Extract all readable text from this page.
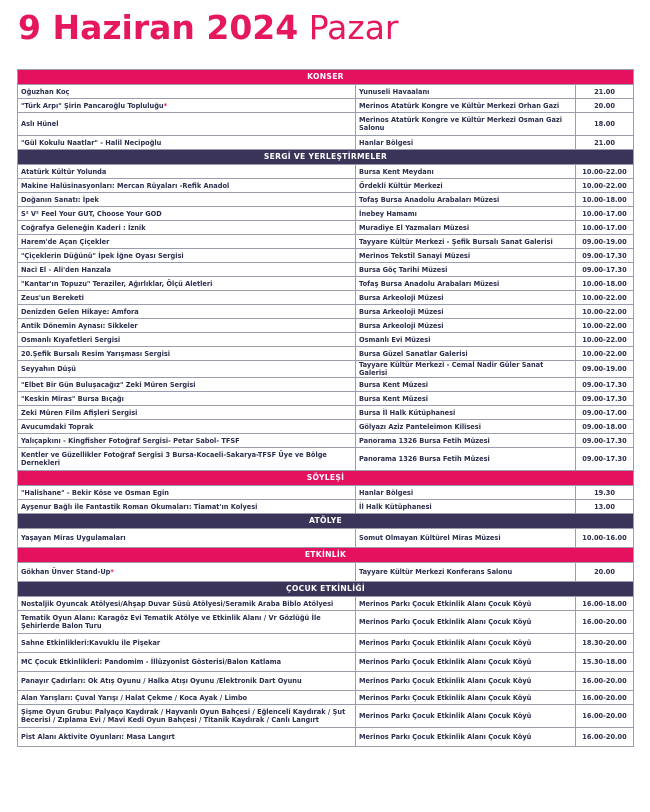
9 Haziran 2024 Pazar
KONSER		
Oğuzhan Koç	Yunuseli Havaalanı	21.00
"Türk Arpı" Şirin Pancaroğlu Topluluğu*	Merinos Atatürk Kongre ve Kültür Merkezi Orhan Gazi	20.00
Aslı Hünel	Merinos Atatürk Kongre ve Kültür Merkezi Osman Gazi Salonu	18.00
"Gül Kokulu Naatlar" - Halil Necipoğlu	Hanlar Bölgesi	21.00
SERGİ VE YERLEŞTİRMELER		
Atatürk Kültür Yolunda	Bursa Kent Meydanı	10.00-22.00
Makine Halüsinasyonları: Mercan Rüyaları -Refik Anadol	Ördekli Kültür Merkezi	10.00-22.00
Doğanın Sanatı: İpek	Tofaş Bursa Anadolu Arabaları Müzesi	10.00-18.00
S² V² Feel Your GUT, Choose Your GOD	İnebey Hamamı	10.00-17.00
Coğrafya Geleneğin Kaderi : İznik	Muradiye El Yazmaları Müzesi	10.00-17.00
Harem'de Açan Çiçekler	Tayyare Kültür Merkezi - Şefik Bursalı Sanat Galerisi	09.00-19.00
"Çiçeklerin Düğünü" İpek İğne Oyası Sergisi	Merinos Tekstil Sanayi Müzesi	09.00-17.30
Naci El - Ali'den Hanzala	Bursa Göç Tarihi Müzesi	09.00-17.30
"Kantar'ın Topuzu" Teraziler, Ağırlıklar, Ölçü Aletleri	Tofaş Bursa Anadolu Arabaları Müzesi	10.00-18.00
Zeus'un Bereketi	Bursa Arkeoloji Müzesi	10.00-22.00
Denizden Gelen Hikaye: Amfora	Bursa Arkeoloji Müzesi	10.00-22.00
Antik Dönemin Aynası: Sikkeler	Bursa Arkeoloji Müzesi	10.00-22.00
Osmanlı Kıyafetleri Sergisi	Osmanlı Evi Müzesi	10.00-22.00
20.Şefik Bursalı Resim Yarışması Sergisi	Bursa Güzel Sanatlar Galerisi	10.00-22.00
Seyyahın Düşü	Tayyare Kültür Merkezi - Cemal Nadir Güler Sanat Galerisi	09.00-19.00
"Elbet Bir Gün Buluşacağız" Zeki Müren Sergisi	Bursa Kent Müzesi	09.00-17.30
"Keskin Miras" Bursa Bıçağı	Bursa Kent Müzesi	09.00-17.30
Zeki Müren Film Afişleri Sergisi	Bursa İl Halk Kütüphanesi	09.00-17.00
Avucumdaki Toprak	Gölyazı Aziz Panteleimon Kilisesi	09.00-18.00
Yalıçapkını - Kingfisher Fotoğraf Sergisi- Petar Sabol- TFSF	Panorama 1326 Bursa Fetih Müzesi	09.00-17.30
Kentler ve Güzellikler Fotoğraf Sergisi 3 Bursa-Kocaeli-Sakarya-TFSF Üye ve Bölge Dernekleri	Panorama 1326 Bursa Fetih Müzesi	09.00-17.30
SÖYLEŞİ		
"Halishane" - Bekir Köse ve Osman Egin	Hanlar Bölgesi	19.30
Ayşenur Bağlı ile Fantastik Roman Okumaları: Tiamat'ın Kolyesi	İl Halk Kütüphanesi	13.00
ATÖLYE		
Yaşayan Miras Uygulamaları	Somut Olmayan Kültürel Miras Müzesi	10.00-16.00
ETKİNLİK		
Gökhan Ünver Stand-Up*	Tayyare Kültür Merkezi Konferans Salonu	20.00
ÇOCUK ETKİNLİĞİ		
Nostaljik Oyuncak Atölyesi/Ahşap Duvar Süsü Atölyesi/Seramik Araba Biblo Atölyesi	Merinos Parkı Çocuk Etkinlik Alanı Çocuk Köyü	16.00-18.00
Tematik Oyun Alanı: Karagöz Evi Tematik Atölye ve Etkinlik Alanı / Vr Gözlüğü İle Şehirlerde Balon Turu	Merinos Parkı Çocuk Etkinlik Alanı Çocuk Köyü	16.00-20.00
Sahne Etkinlikleri:Kavuklu ile Pişekar	Merinos Parkı Çocuk Etkinlik Alanı Çocuk Köyü	18.30-20.00
MC Çocuk Etkinlikleri: Pandomim - İllüzyonist Gösterisi/Balon Katlama	Merinos Parkı Çocuk Etkinlik Alanı Çocuk Köyü	15.30-18.00
Panayır Çadırları: Ok Atış Oyunu / Halka Atışı Oyunu /Elektronik Dart Oyunu	Merinos Parkı Çocuk Etkinlik Alanı Çocuk Köyü	16.00-20.00
Alan Yarışları: Çuval Yarışı / Halat Çekme / Koca Ayak / Limbo	Merinos Parkı Çocuk Etkinlik Alanı Çocuk Köyü	16.00-20.00
Şişme Oyun Grubu: Palyaço Kaydırak / Hayvanlı Oyun Bahçesi / Eğlenceli Kaydırak / Şut Becerisi / Zıplama Evi / Mavi Kedi Oyun Bahçesi / Titanik Kaydırak / Canlı Langırt	Merinos Parkı Çocuk Etkinlik Alanı Çocuk Köyü	16.00-20.00
Pist Alanı Aktivite Oyunları: Masa Langırt	Merinos Parkı Çocuk Etkinlik Alanı Çocuk Köyü	16.00-20.00
